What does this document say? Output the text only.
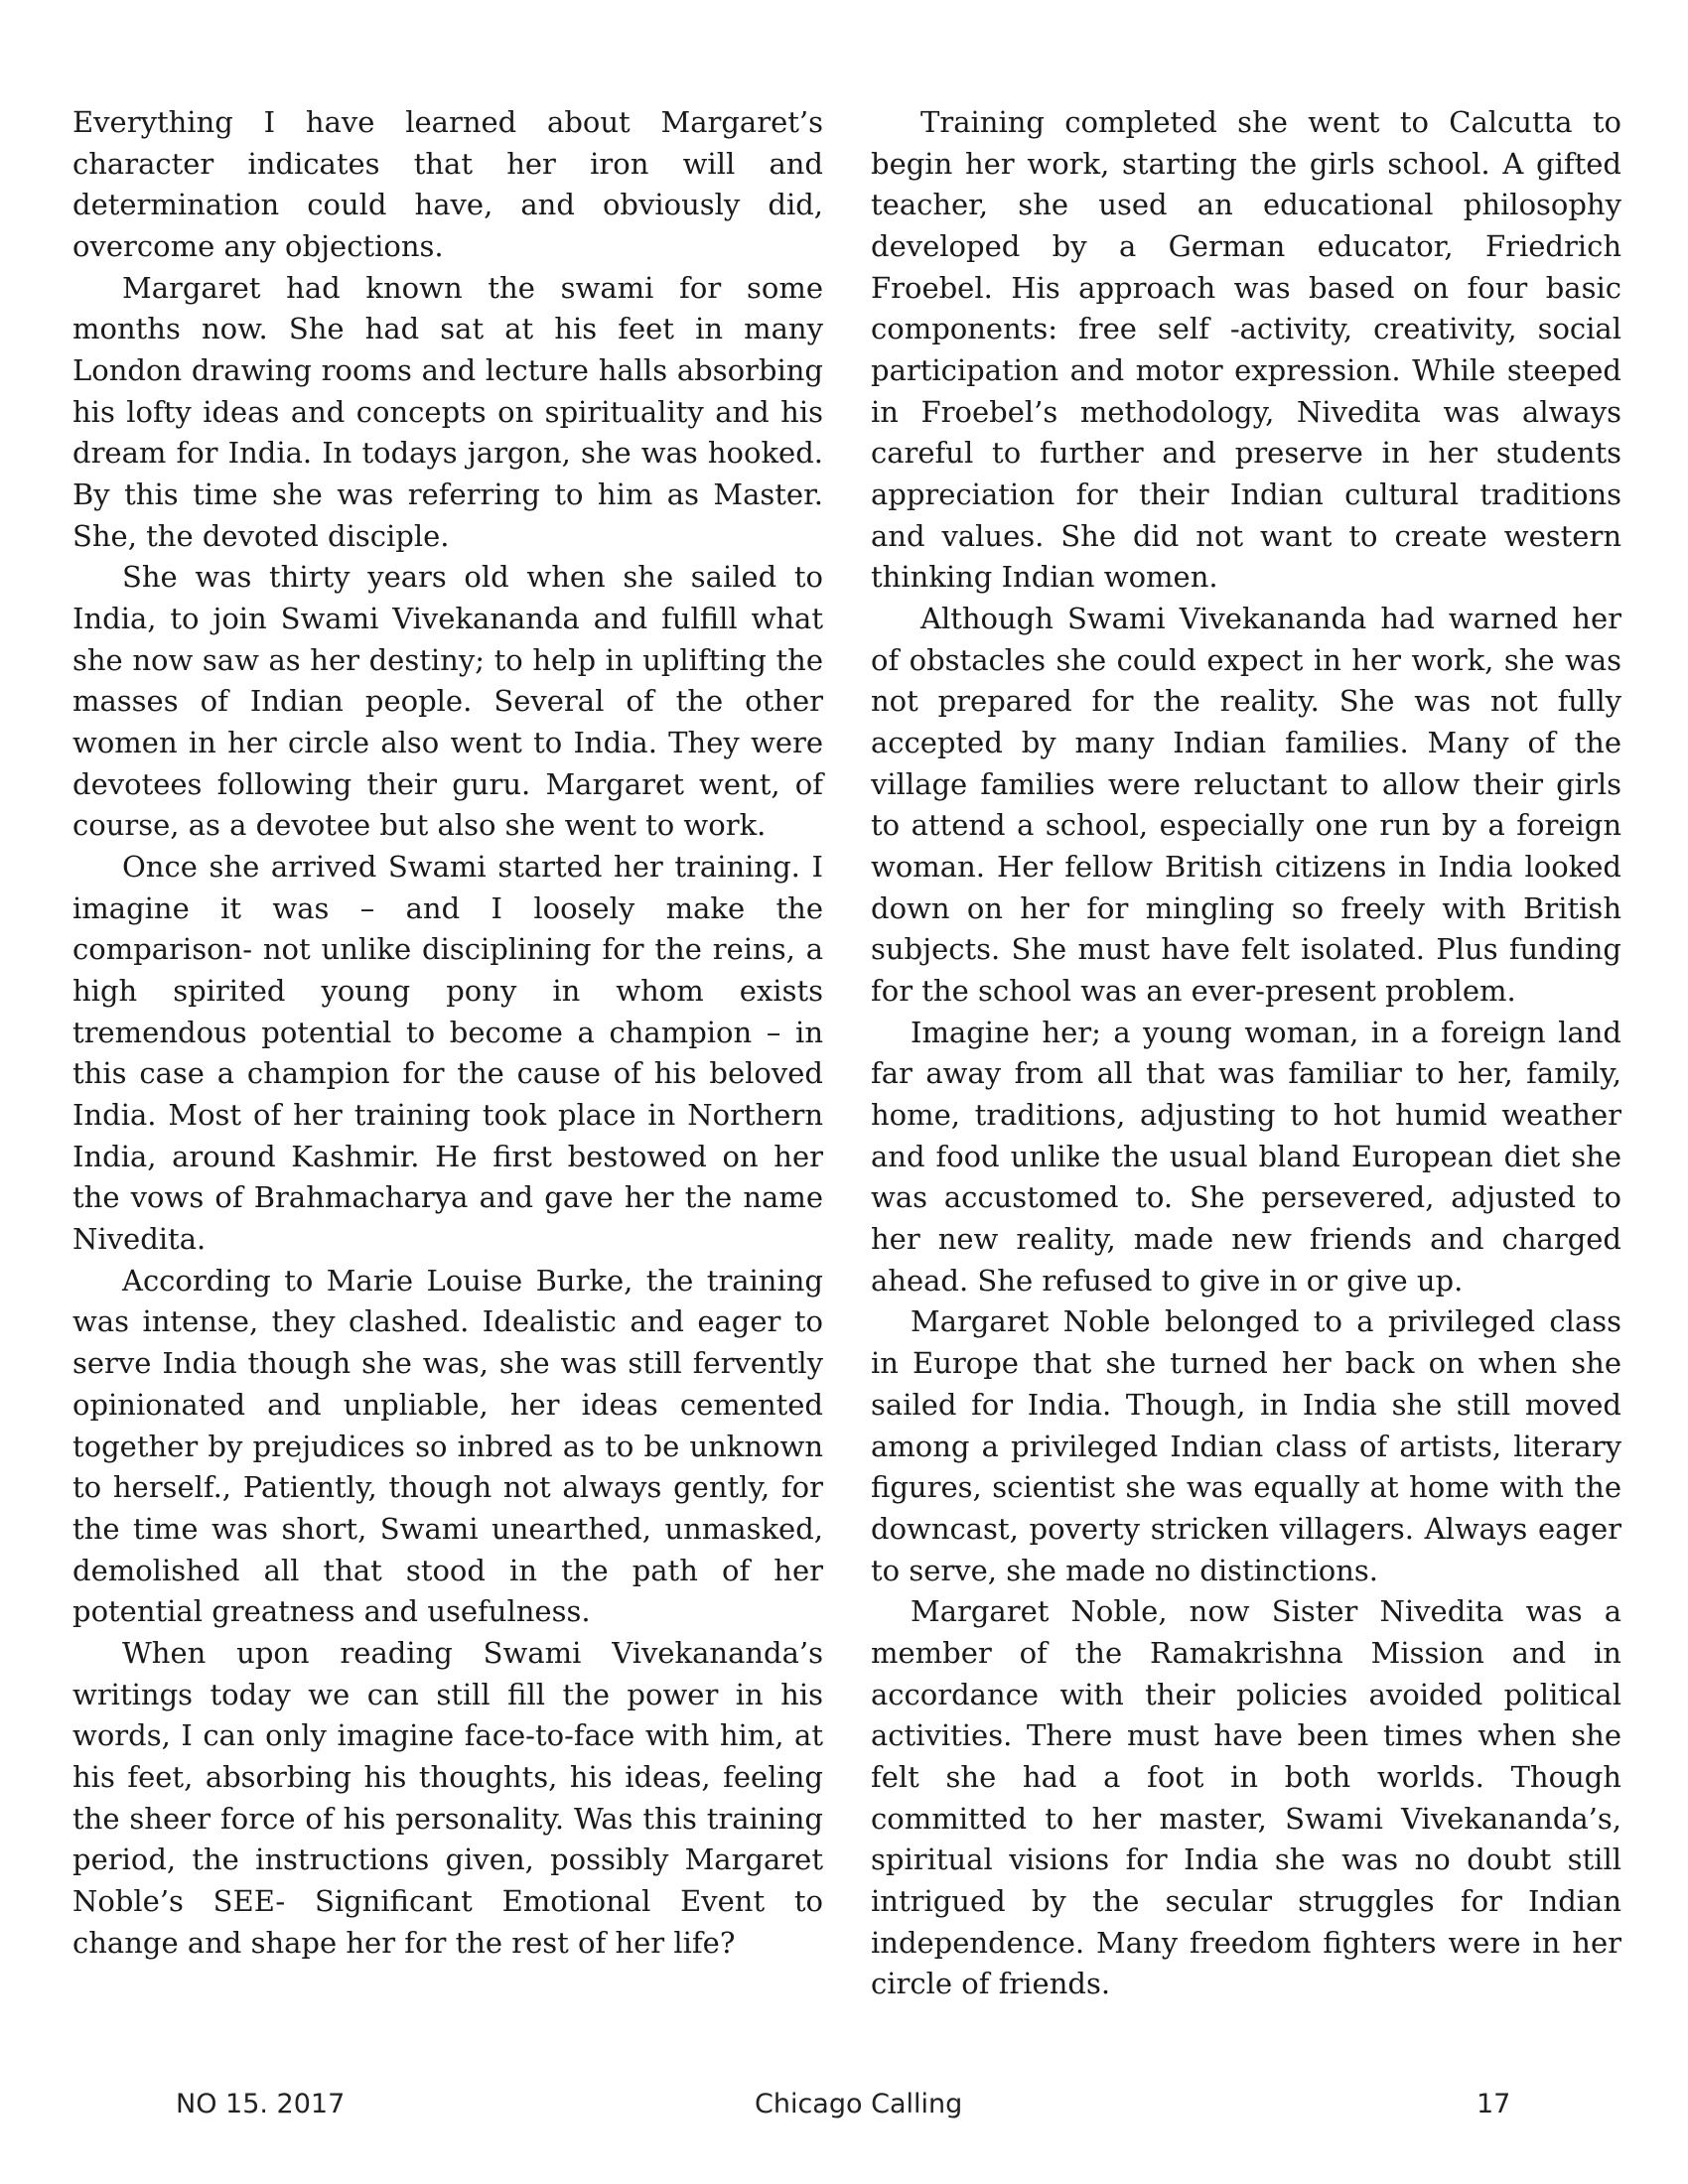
Everything I have learned about Margaret’s character indicates that her iron will and determination could have, and obviously did, overcome any objections.

Margaret had known the swami for some months now. She had sat at his feet in many London drawing rooms and lecture halls absorbing his lofty ideas and concepts on spirituality and his dream for India. In todays jargon, she was hooked. By this time she was referring to him as Master. She, the devoted disciple.

She was thirty years old when she sailed to India, to join Swami Vivekananda and fulfill what she now saw as her destiny; to help in uplifting the masses of Indian people. Several of the other women in her circle also went to India. They were devotees following their guru. Margaret went, of course, as a devotee but also she went to work.

Once she arrived Swami started her training. I imagine it was – and I loosely make the comparison- not unlike disciplining for the reins, a high spirited young pony in whom exists tremendous potential to become a champion – in this case a champion for the cause of his beloved India. Most of her training took place in Northern India, around Kashmir. He first bestowed on her the vows of Brahmacharya and gave her the name Nivedita.

According to Marie Louise Burke, the training was intense, they clashed. Idealistic and eager to serve India though she was, she was still fervently opinionated and unpliable, her ideas cemented together by prejudices so inbred as to be unknown to herself., Patiently, though not always gently, for the time was short, Swami unearthed, unmasked, demolished all that stood in the path of her potential greatness and usefulness.

When upon reading Swami Vivekananda’s writings today we can still fill the power in his words, I can only imagine face-to-face with him, at his feet, absorbing his thoughts, his ideas, feeling the sheer force of his personality. Was this training period, the instructions given, possibly Margaret Noble’s SEE- Significant Emotional Event to change and shape her for the rest of her life?

Training completed she went to Calcutta to begin her work, starting the girls school. A gifted teacher, she used an educational philosophy developed by a German educator, Friedrich Froebel. His approach was based on four basic components: free self -activity, creativity, social participation and motor expression. While steeped in Froebel’s methodology, Nivedita was always careful to further and preserve in her students appreciation for their Indian cultural traditions and values. She did not want to create western thinking Indian women.

Although Swami Vivekananda had warned her of obstacles she could expect in her work, she was not prepared for the reality. She was not fully accepted by many Indian families. Many of the village families were reluctant to allow their girls to attend a school, especially one run by a foreign woman. Her fellow British citizens in India looked down on her for mingling so freely with British subjects. She must have felt isolated. Plus funding for the school was an ever-present problem.

Imagine her; a young woman, in a foreign land far away from all that was familiar to her, family, home, traditions, adjusting to hot humid weather and food unlike the usual bland European diet she was accustomed to. She persevered, adjusted to her new reality, made new friends and charged ahead. She refused to give in or give up.

Margaret Noble belonged to a privileged class in Europe that she turned her back on when she sailed for India. Though, in India she still moved among a privileged Indian class of artists, literary figures, scientist she was equally at home with the downcast, poverty stricken villagers. Always eager to serve, she made no distinctions.

Margaret Noble, now Sister Nivedita was a member of the Ramakrishna Mission and in accordance with their policies avoided political activities. There must have been times when she felt she had a foot in both worlds. Though committed to her master, Swami Vivekananda’s, spiritual visions for India she was no doubt still intrigued by the secular struggles for Indian independence. Many freedom fighters were in her circle of friends.

NO 15. 2017	Chicago Calling	17
